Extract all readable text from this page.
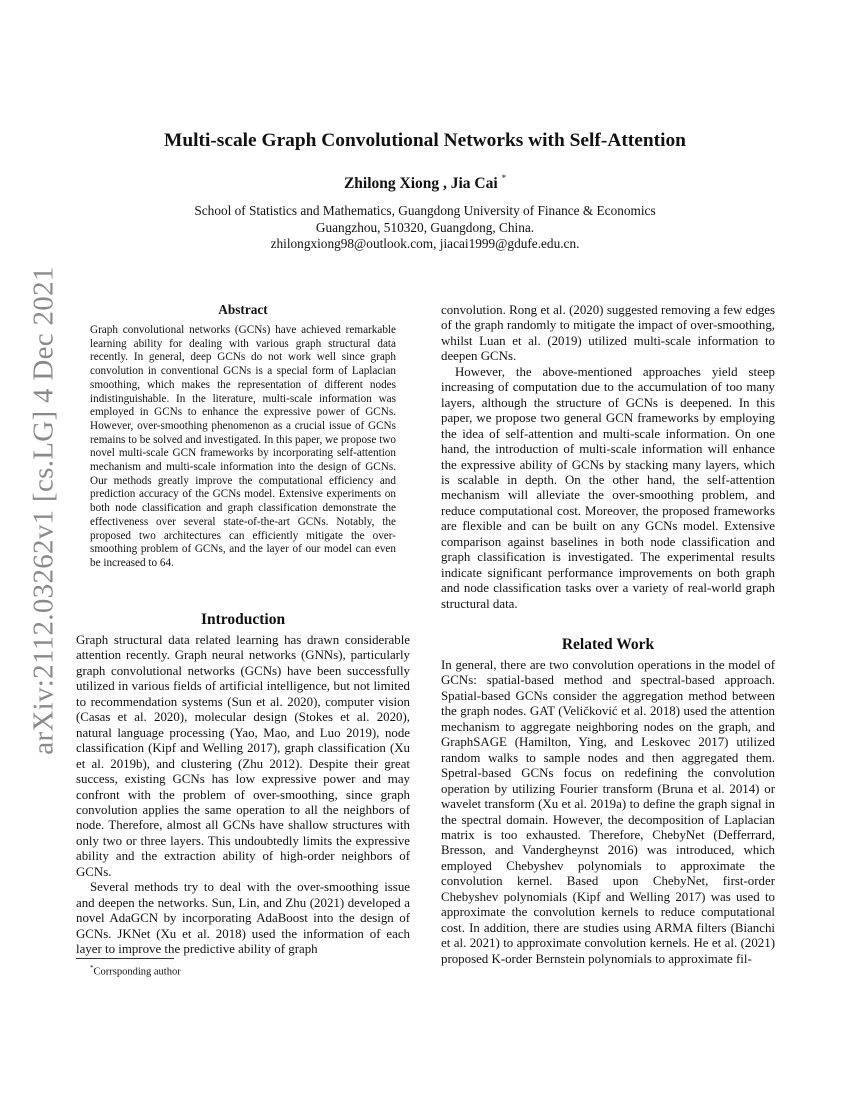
arXiv:2112.03262v1 [cs.LG] 4 Dec 2021
Multi-scale Graph Convolutional Networks with Self-Attention
Zhilong Xiong , Jia Cai *
School of Statistics and Mathematics, Guangdong University of Finance & Economics
Guangzhou, 510320, Guangdong, China.
zhilongxiong98@outlook.com, jiacai1999@gdufe.edu.cn.
Abstract
Graph convolutional networks (GCNs) have achieved remarkable learning ability for dealing with various graph structural data recently. In general, deep GCNs do not work well since graph convolution in conventional GCNs is a special form of Laplacian smoothing, which makes the representation of different nodes indistinguishable. In the literature, multi-scale information was employed in GCNs to enhance the expressive power of GCNs. However, over-smoothing phenomenon as a crucial issue of GCNs remains to be solved and investigated. In this paper, we propose two novel multi-scale GCN frameworks by incorporating self-attention mechanism and multi-scale information into the design of GCNs. Our methods greatly improve the computational efficiency and prediction accuracy of the GCNs model. Extensive experiments on both node classification and graph classification demonstrate the effectiveness over several state-of-the-art GCNs. Notably, the proposed two architectures can efficiently mitigate the over-smoothing problem of GCNs, and the layer of our model can even be increased to 64.
Introduction

Graph structural data related learning has drawn considerable attention recently. Graph neural networks (GNNs), particularly graph convolutional networks (GCNs) have been successfully utilized in various fields of artificial intelligence, but not limited to recommendation systems (Sun et al. 2020), computer vision (Casas et al. 2020), molecular design (Stokes et al. 2020), natural language processing (Yao, Mao, and Luo 2019), node classification (Kipf and Welling 2017), graph classification (Xu et al. 2019b), and clustering (Zhu 2012). Despite their great success, existing GCNs has low expressive power and may confront with the problem of over-smoothing, since graph convolution applies the same operation to all the neighbors of node. Therefore, almost all GCNs have shallow structures with only two or three layers. This undoubtedly limits the expressive ability and the extraction ability of high-order neighbors of GCNs.

Several methods try to deal with the over-smoothing issue and deepen the networks. Sun, Lin, and Zhu (2021) developed a novel AdaGCN by incorporating AdaBoost into the design of GCNs. JKNet (Xu et al. 2018) used the information of each layer to improve the predictive ability of graph

convolution. Rong et al. (2020) suggested removing a few edges of the graph randomly to mitigate the impact of over-smoothing, whilst Luan et al. (2019) utilized multi-scale information to deepen GCNs.

However, the above-mentioned approaches yield steep increasing of computation due to the accumulation of too many layers, although the structure of GCNs is deepened. In this paper, we propose two general GCN frameworks by employing the idea of self-attention and multi-scale information. On one hand, the introduction of multi-scale information will enhance the expressive ability of GCNs by stacking many layers, which is scalable in depth. On the other hand, the self-attention mechanism will alleviate the over-smoothing problem, and reduce computational cost. Moreover, the proposed frameworks are flexible and can be built on any GCNs model. Extensive comparison against baselines in both node classification and graph classification is investigated. The experimental results indicate significant performance improvements on both graph and node classification tasks over a variety of real-world graph structural data.

Related Work

In general, there are two convolution operations in the model of GCNs: spatial-based method and spectral-based approach. Spatial-based GCNs consider the aggregation method between the graph nodes. GAT (Veličković et al. 2018) used the attention mechanism to aggregate neighboring nodes on the graph, and GraphSAGE (Hamilton, Ying, and Leskovec 2017) utilized random walks to sample nodes and then aggregated them. Spetral-based GCNs focus on redefining the convolution operation by utilizing Fourier transform (Bruna et al. 2014) or wavelet transform (Xu et al. 2019a) to define the graph signal in the spectral domain. However, the decomposition of Laplacian matrix is too exhausted. Therefore, ChebyNet (Defferrard, Bresson, and Vandergheynst 2016) was introduced, which employed Chebyshev polynomials to approximate the convolution kernel. Based upon ChebyNet, first-order Chebyshev polynomials (Kipf and Welling 2017) was used to approximate the convolution kernels to reduce computational cost. In addition, there are studies using ARMA filters (Bianchi et al. 2021) to approximate convolution kernels. He et al. (2021) proposed K-order Bernstein polynomials to approximate fil-

*Corrsponding author
